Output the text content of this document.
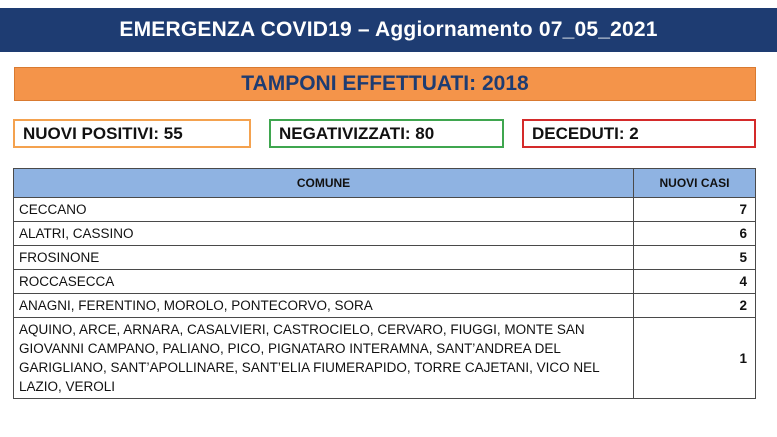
EMERGENZA COVID19 – Aggiornamento 07_05_2021
TAMPONI EFFETTUATI: 2018
NUOVI POSITIVI: 55	NEGATIVIZZATI: 80	DECEDUTI: 2
COMUNE	NUOVI CASI
CECCANO	7
ALATRI, CASSINO	6
FROSINONE	5
ROCCASECCA	4
ANAGNI, FERENTINO, MOROLO, PONTECORVO, SORA	2
AQUINO, ARCE, ARNARA, CASALVIERI, CASTROCIELO, CERVARO, FIUGGI, MONTE SAN GIOVANNI CAMPANO, PALIANO, PICO, PIGNATARO INTERAMNA, SANT’ANDREA DEL GARIGLIANO, SANT’APOLLINARE, SANT’ELIA FIUMERAPIDO, TORRE CAJETANI, VICO NEL LAZIO, VEROLI	1
